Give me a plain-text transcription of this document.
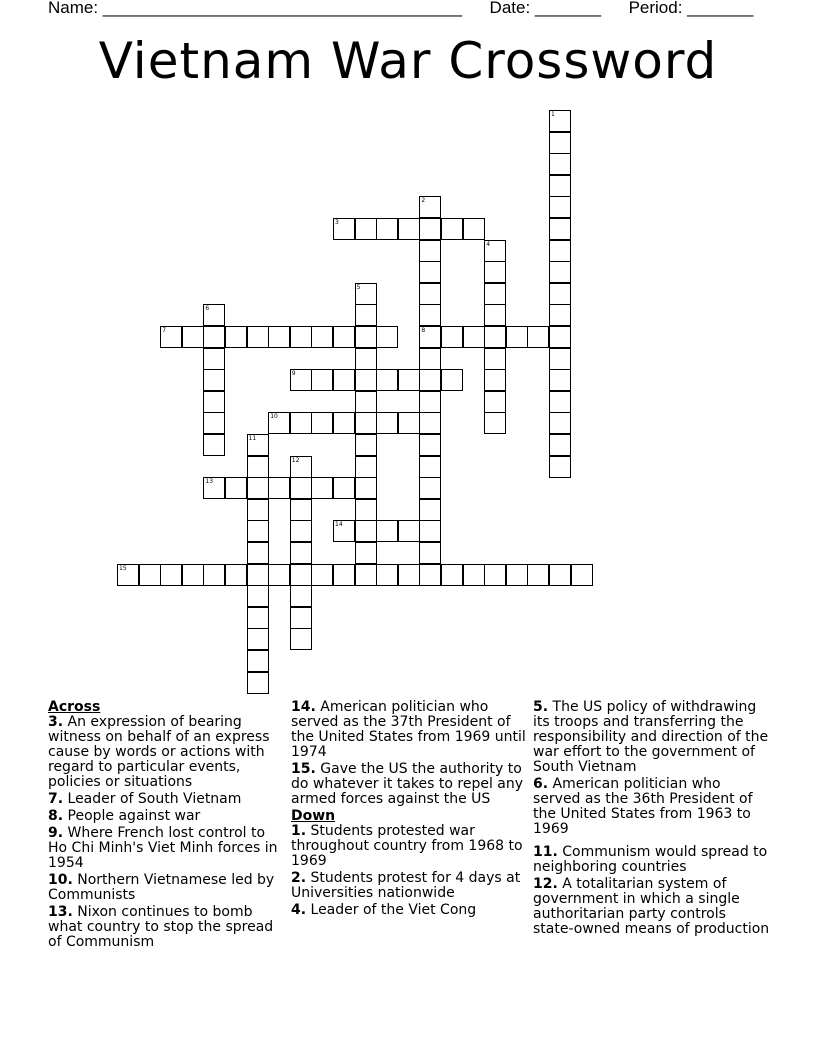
Name: ______________________________________ Date: _______ Period: _______
Vietnam War Crossword
1
2
8
3
4
5
6
7
9
10
11
12
13
14
15
Across
3. An expression of bearing witness on behalf of an express cause by words or actions with regard to particular events, policies or situations
7. Leader of South Vietnam
8. People against war
9. Where French lost control to Ho Chi Minh's Viet Minh forces in 1954
10. Northern Vietnamese led by Communists
13. Nixon continues to bomb what country to stop the spread of Communism
14. American politician who served as the 37th President of the United States from 1969 until 1974
15. Gave the US the authority to do whatever it takes to repel any armed forces against the US
Down
1. Students protested war throughout country from 1968 to 1969
2. Students protest for 4 days at Universities nationwide
4. Leader of the Viet Cong
5. The US policy of withdrawing its troops and transferring the responsibility and direction of the war effort to the government of South Vietnam
6. American politician who served as the 36th President of the United States from 1963 to 1969
11. Communism would spread to neighboring countries
12. A totalitarian system of government in which a single authoritarian party controls state-owned means of production
